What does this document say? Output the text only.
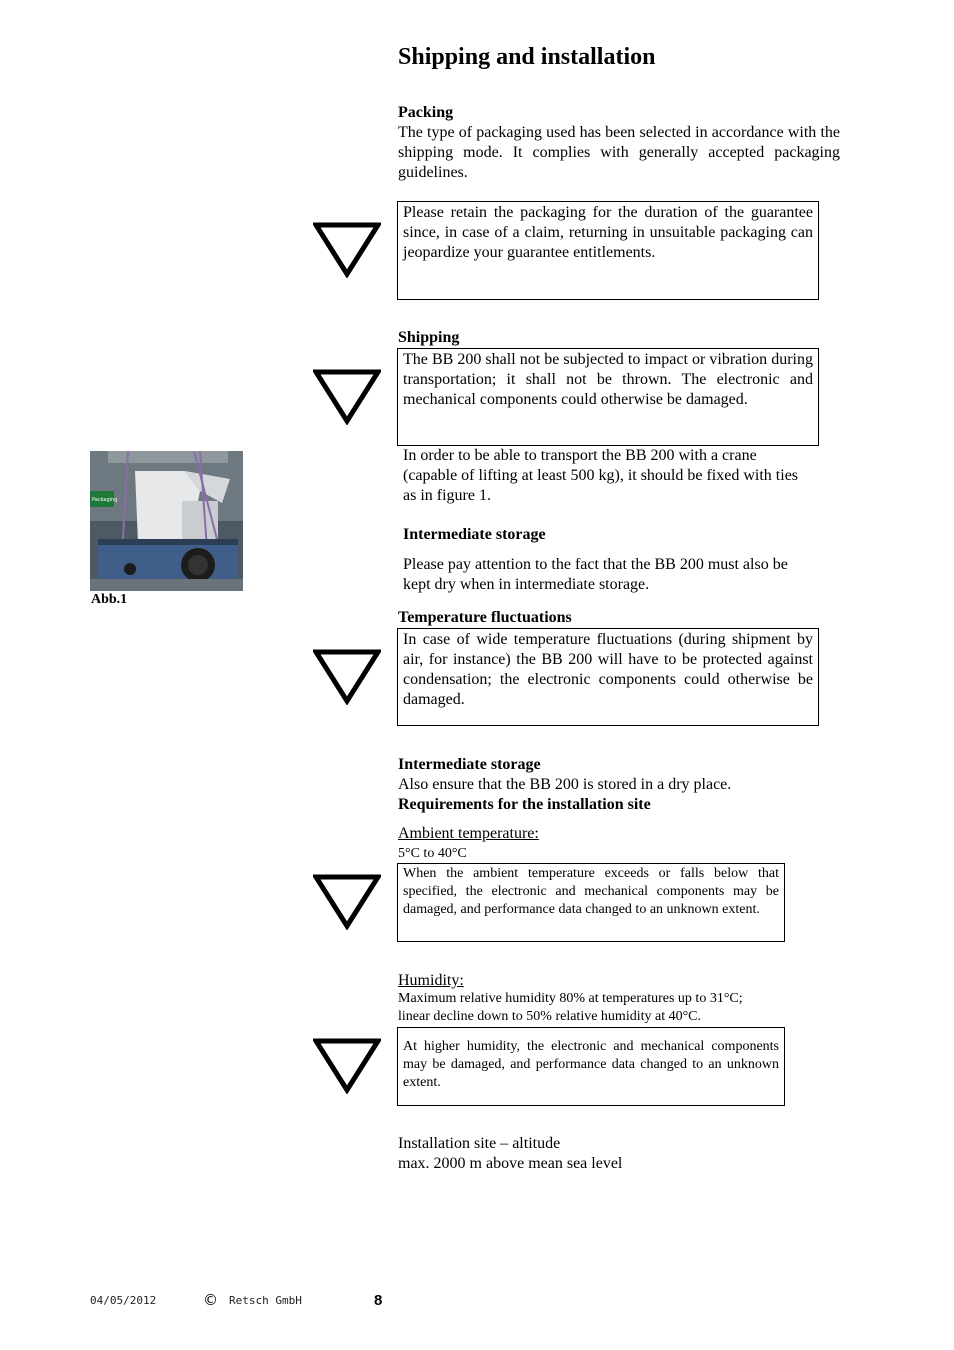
Shipping and installation
Packing
The type of packaging used has been selected in accordance with the shipping mode. It complies with generally accepted packaging guidelines.
Please retain the packaging for the duration of the guarantee since, in case of a claim, returning in unsuitable packaging can jeopardize your guarantee entitlements.
Shipping
The BB 200 shall not be subjected to impact or vibration during transportation; it shall not be thrown. The electronic and mechanical components could otherwise be damaged.
In order to be able to transport the BB 200 with a crane (capable of lifting at least 500 kg), it should be fixed with ties as in figure 1.
Packaging
Abb.1
Intermediate storage
Please pay attention to the fact that the BB 200 must also be kept dry when in intermediate storage.
Temperature fluctuations
In case of wide temperature fluctuations (during shipment by air, for instance) the BB 200 will have to be protected against condensation; the electronic components could otherwise be damaged.
Intermediate storage
Also ensure that the BB 200 is stored in a dry place.
Requirements for the installation site
Ambient temperature:
5°C to 40°C
When the ambient temperature exceeds or falls below that specified, the electronic and mechanical components may be damaged, and performance data changed to an unknown extent.
Humidity:
Maximum relative humidity 80% at temperatures up to 31°C;
linear decline down to 50% relative humidity at 40°C.
At higher humidity, the electronic and mechanical components may be damaged, and performance data changed to an unknown extent.
Installation site – altitude
max. 2000 m above mean sea level
04/05/2012	© Retsch GmbH	8
